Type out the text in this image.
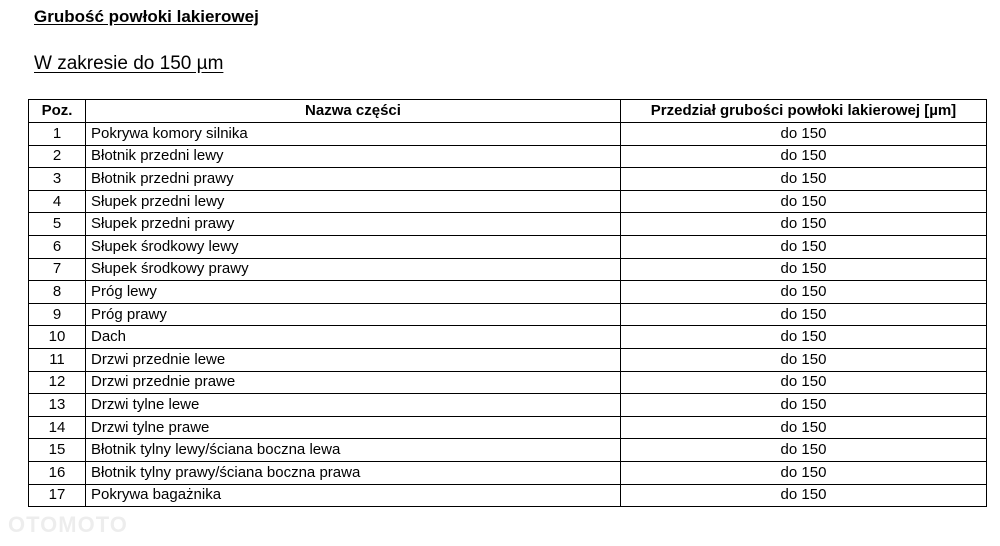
Grubość powłoki lakierowej
W zakresie do 150 µm
Poz.	Nazwa części	Przedział grubości powłoki lakierowej [µm]
1	Pokrywa komory silnika	do 150
2	Błotnik przedni lewy	do 150
3	Błotnik przedni prawy	do 150
4	Słupek przedni lewy	do 150
5	Słupek przedni prawy	do 150
6	Słupek środkowy lewy	do 150
7	Słupek środkowy prawy	do 150
8	Próg lewy	do 150
9	Próg prawy	do 150
10	Dach	do 150
11	Drzwi przednie lewe	do 150
12	Drzwi przednie prawe	do 150
13	Drzwi tylne lewe	do 150
14	Drzwi tylne prawe	do 150
15	Błotnik tylny lewy/ściana boczna lewa	do 150
16	Błotnik tylny prawy/ściana boczna prawa	do 150
17	Pokrywa bagażnika	do 150
OTOMOTO
